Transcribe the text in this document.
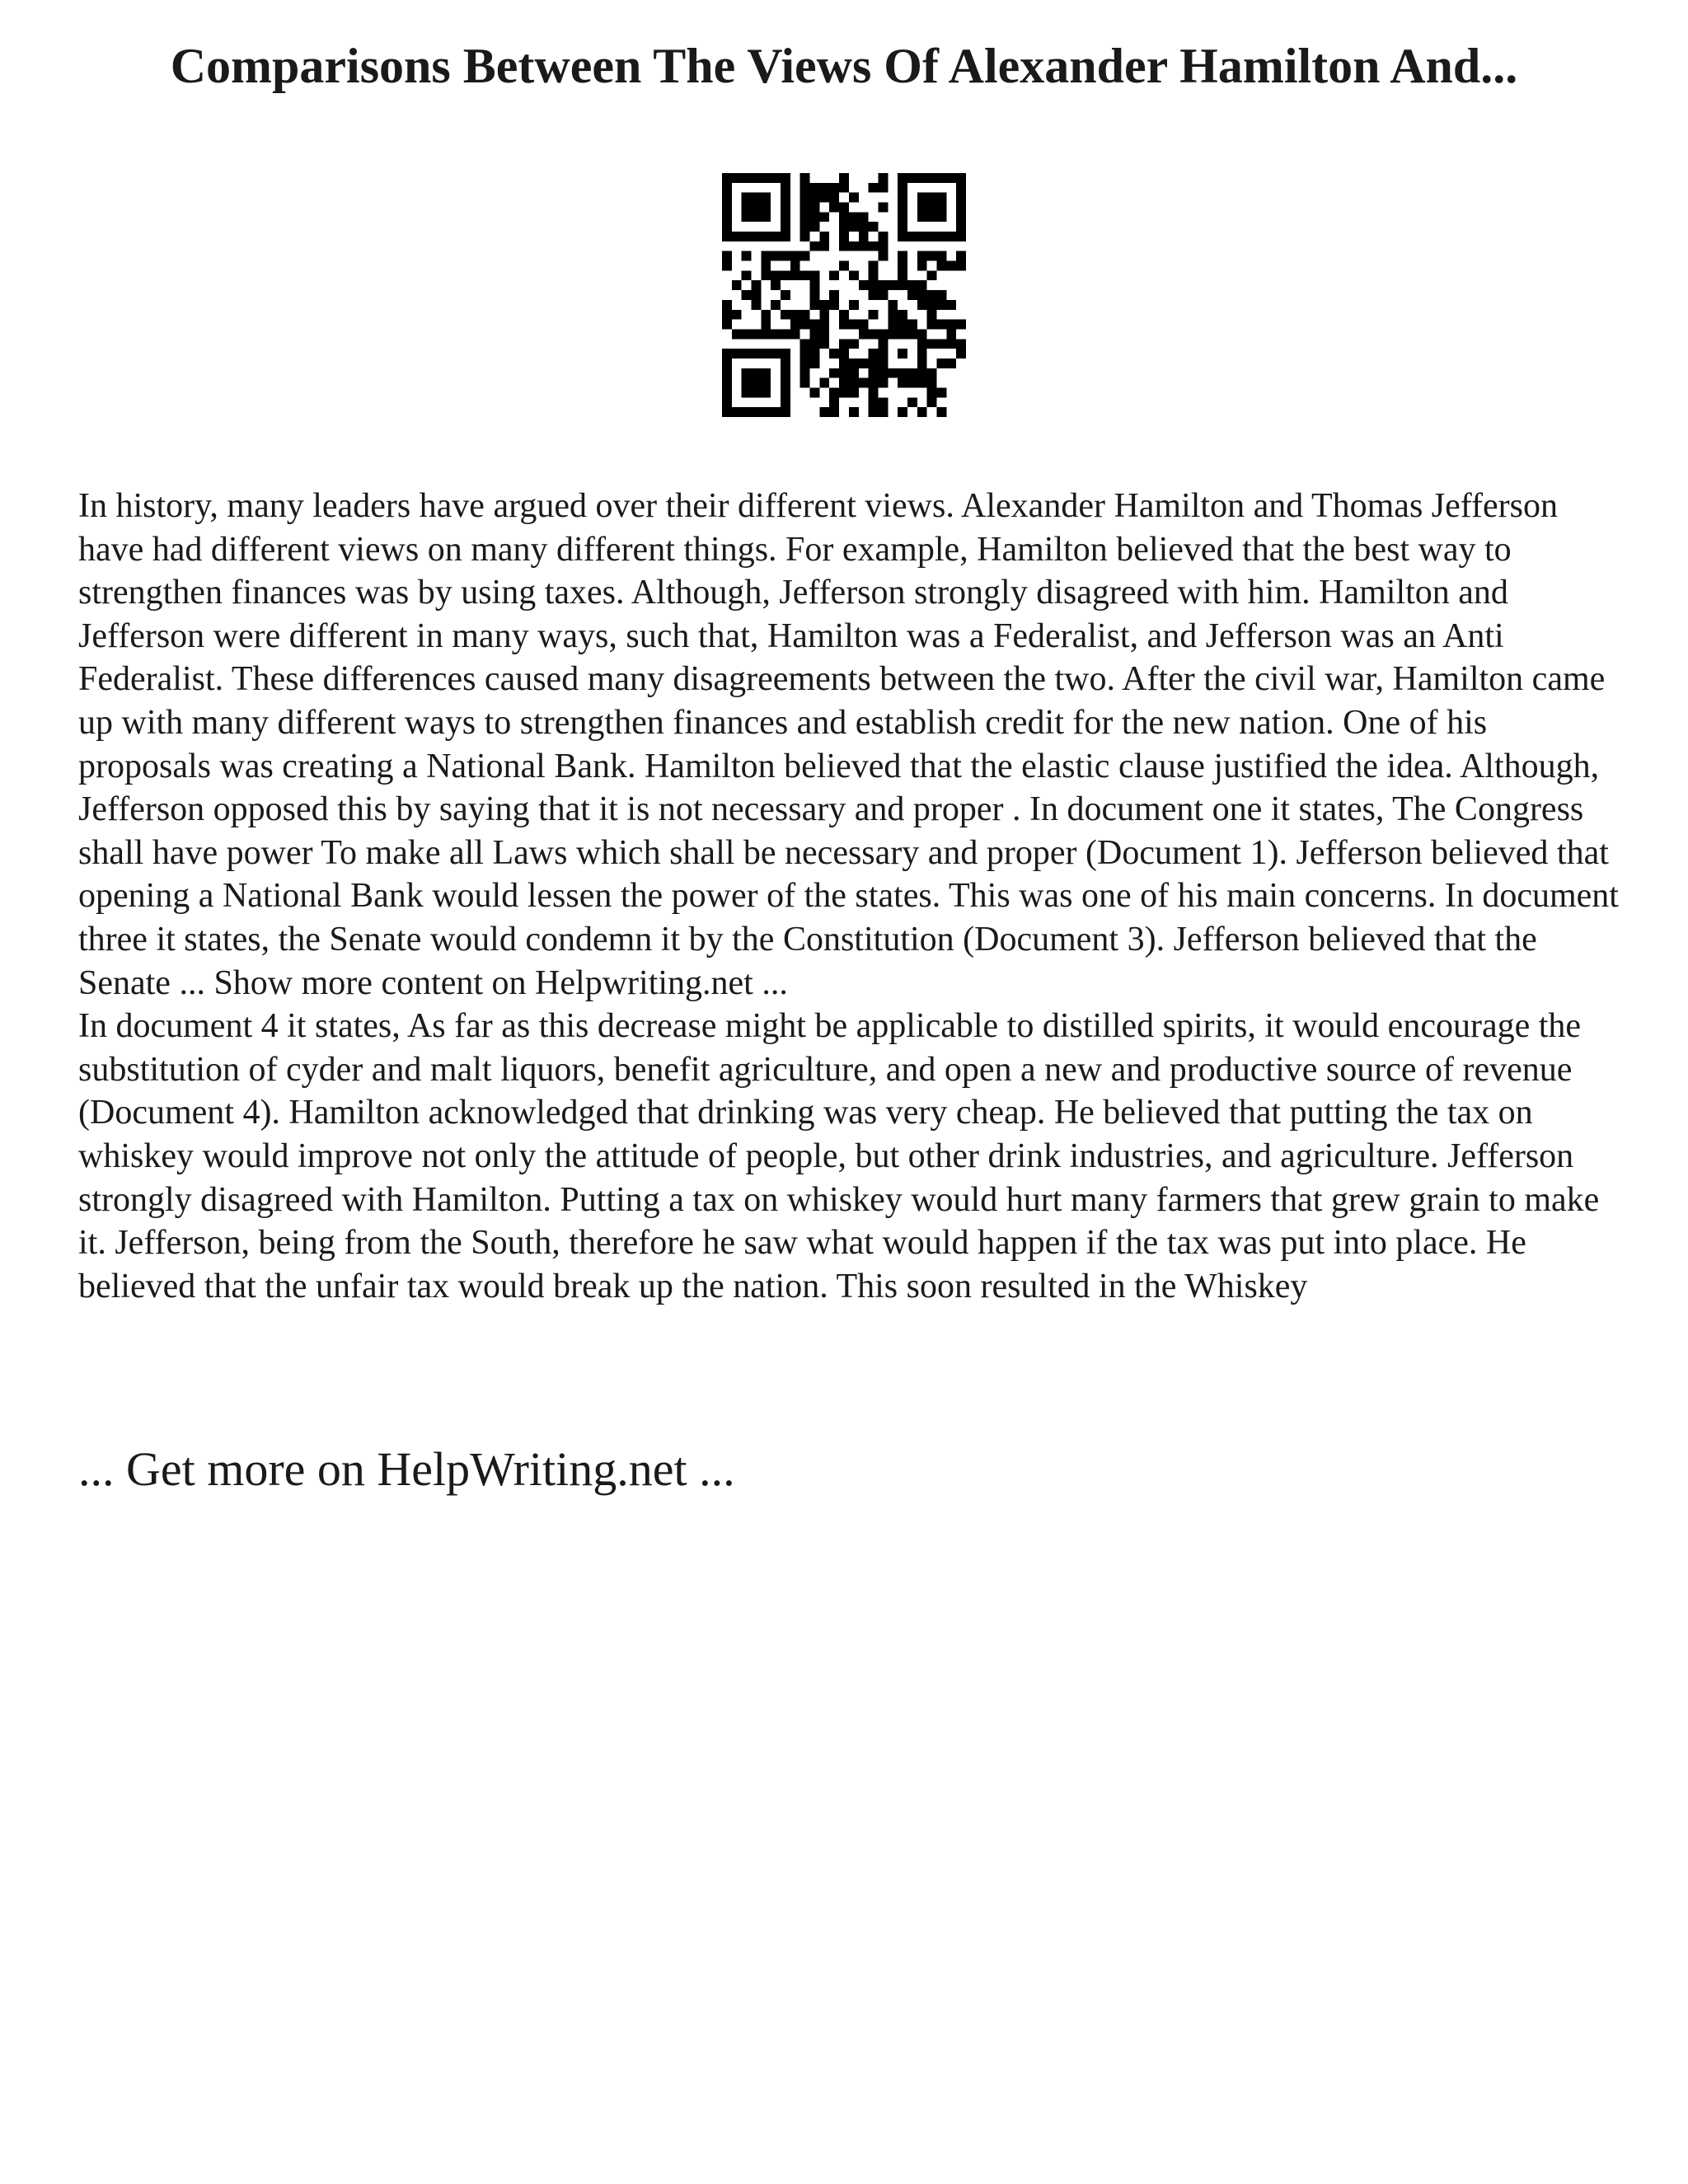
Comparisons Between The Views Of Alexander Hamilton And...

In history, many leaders have argued over their different views. Alexander Hamilton and Thomas Jefferson have had different views on many different things. For example, Hamilton believed that the best way to strengthen finances was by using taxes. Although, Jefferson strongly disagreed with him. Hamilton and Jefferson were different in many ways, such that, Hamilton was a Federalist, and Jefferson was an Anti Federalist. These differences caused many disagreements between the two. After the civil war, Hamilton came up with many different ways to strengthen finances and establish credit for the new nation. One of his proposals was creating a National Bank. Hamilton believed that the elastic clause justified the idea. Although, Jefferson opposed this by saying that it is not necessary and proper . In document one it states, The Congress shall have power To make all Laws which shall be necessary and proper (Document 1). Jefferson believed that opening a National Bank would lessen the power of the states. This was one of his main concerns. In document three it states, the Senate would condemn it by the Constitution (Document 3). Jefferson believed that the Senate ... Show more content on Helpwriting.net ...

In document 4 it states, As far as this decrease might be applicable to distilled spirits, it would encourage the substitution of cyder and malt liquors, benefit agriculture, and open a new and productive source of revenue (Document 4). Hamilton acknowledged that drinking was very cheap. He believed that putting the tax on whiskey would improve not only the attitude of people, but other drink industries, and agriculture. Jefferson strongly disagreed with Hamilton. Putting a tax on whiskey would hurt many farmers that grew grain to make it. Jefferson, being from the South, therefore he saw what would happen if the tax was put into place. He believed that the unfair tax would break up the nation. This soon resulted in the Whiskey

... Get more on HelpWriting.net ...
